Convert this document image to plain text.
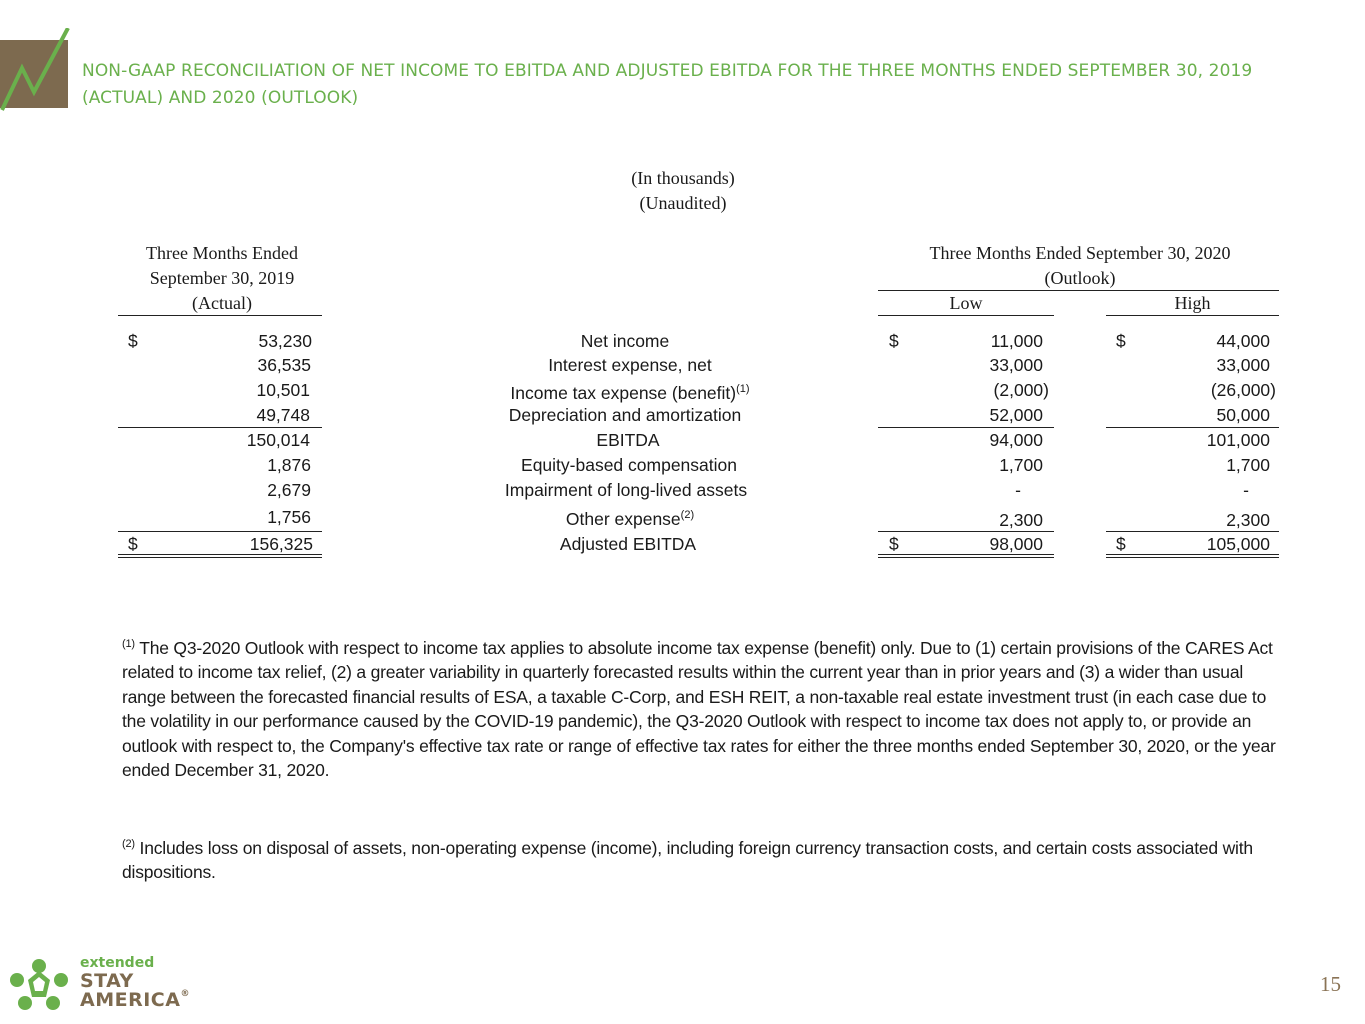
NON-GAAP RECONCILIATION OF NET INCOME TO EBITDA AND ADJUSTED EBITDA FOR THE THREE MONTHS ENDED SEPTEMBER 30, 2019 (ACTUAL) AND 2020 (OUTLOOK)
(In thousands)
(Unaudited)
Three Months Ended
September 30, 2019
(Actual)
Three Months Ended September 30, 2020
(Outlook)
Low	High
$	53,230	Net income	$	11,000	$	44,000
36,535	Interest expense, net	33,000	33,000
10,501	Income tax expense (benefit)$^{(1)}$	(2,000)	(26,000)
49,748	Depreciation and amortization	52,000	50,000
150,014	EBITDA	94,000	101,000
1,876	Equity-based compensation	1,700	1,700
2,679	Impairment of long-lived assets	-	-
1,756	Other expense$^{(2)}$	2,300	2,300
$	156,325	Adjusted EBITDA	$	98,000	$	105,000
$^{(1)}$ The Q3-2020 Outlook with respect to income tax applies to absolute income tax expense (benefit) only. Due to (1) certain provisions of the CARES Act related to income tax relief, (2) a greater variability in quarterly forecasted results within the current year than in prior years and (3) a wider than usual range between the forecasted financial results of ESA, a taxable C-Corp, and ESH REIT, a non-taxable real estate investment trust (in each case due to the volatility in our performance caused by the COVID-19 pandemic), the Q3-2020 Outlook with respect to income tax does not apply to, or provide an outlook with respect to, the Company's effective tax rate or range of effective tax rates for either the three months ended September 30, 2020, or the year ended December 31, 2020.
$^{(2)}$ Includes loss on disposal of assets, non-operating expense (income), including foreign currency transaction costs, and certain costs associated with dispositions.
extended
STAY
AMERICA®	15
